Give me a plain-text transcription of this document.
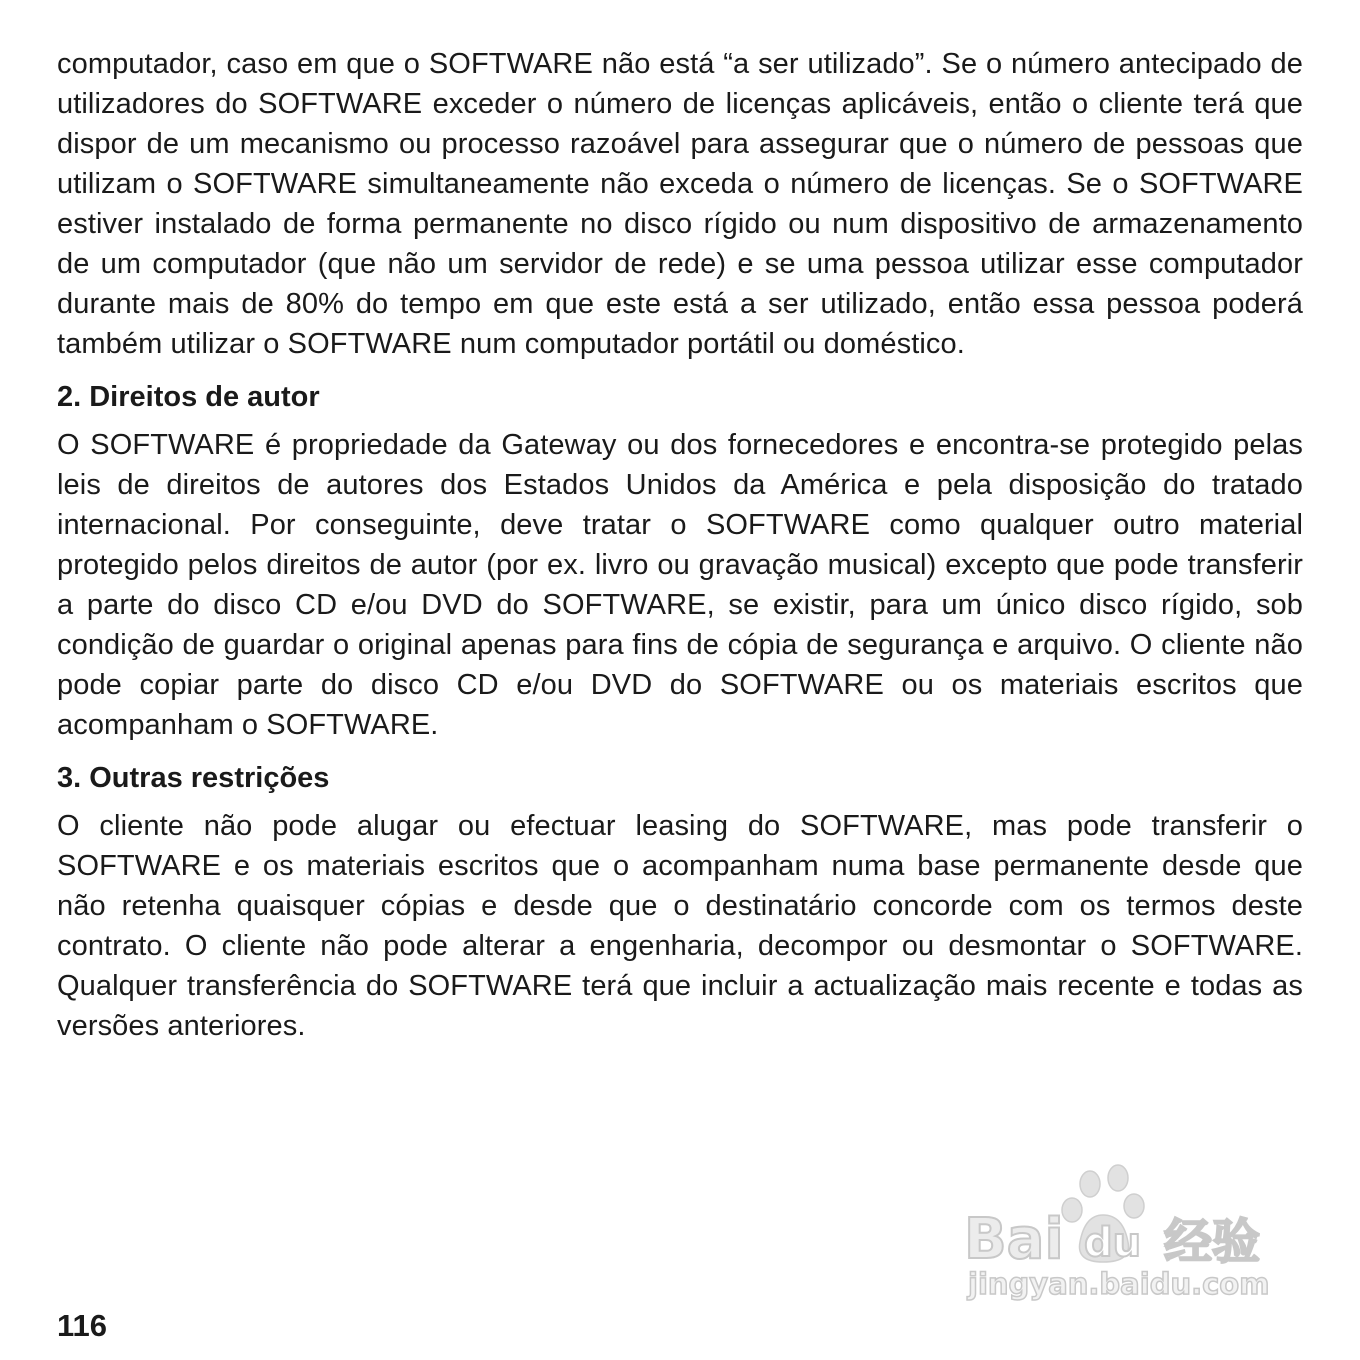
computador, caso em que o SOFTWARE não está “a ser utilizado”. Se o número antecipado de utilizadores do SOFTWARE exceder o número de licenças aplicáveis, então o cliente terá que dispor de um mecanismo ou processo razoável para assegurar que o número de pessoas que utilizam o SOFTWARE simultaneamente não exceda o número de licenças. Se o SOFTWARE estiver instalado de forma permanente no disco rígido ou num dispositivo de armazenamento de um computador (que não um servidor de rede) e se uma pessoa utilizar esse computador durante mais de 80% do tempo em que este está a ser utilizado, então essa pessoa poderá também utilizar o SOFTWARE num computador portátil ou doméstico.

2. Direitos de autor

O SOFTWARE é propriedade da Gateway ou dos fornecedores e encontra-se protegido pelas leis de direitos de autores dos Estados Unidos da América e pela disposição do tratado internacional. Por conseguinte, deve tratar o SOFTWARE como qualquer outro material protegido pelos direitos de autor (por ex. livro ou gravação musical) excepto que pode transferir a parte do disco CD e/ou DVD do SOFTWARE, se existir, para um único disco rígido, sob condição de guardar o original apenas para fins de cópia de segurança e arquivo. O cliente não pode copiar parte do disco CD e/ou DVD do SOFTWARE ou os materiais escritos que acompanham o SOFTWARE.

3. Outras restrições

O cliente não pode alugar ou efectuar leasing do SOFTWARE, mas pode transferir o SOFTWARE e os materiais escritos que o acompanham numa base permanente desde que não retenha quaisquer cópias e desde que o destinatário concorde com os termos deste contrato. O cliente não pode alterar a engenharia, decompor ou desmontar o SOFTWARE. Qualquer transferência do SOFTWARE terá que incluir a actualização mais recente e todas as versões anteriores.

Bai du 经验
jingyan.baidu.com
116
